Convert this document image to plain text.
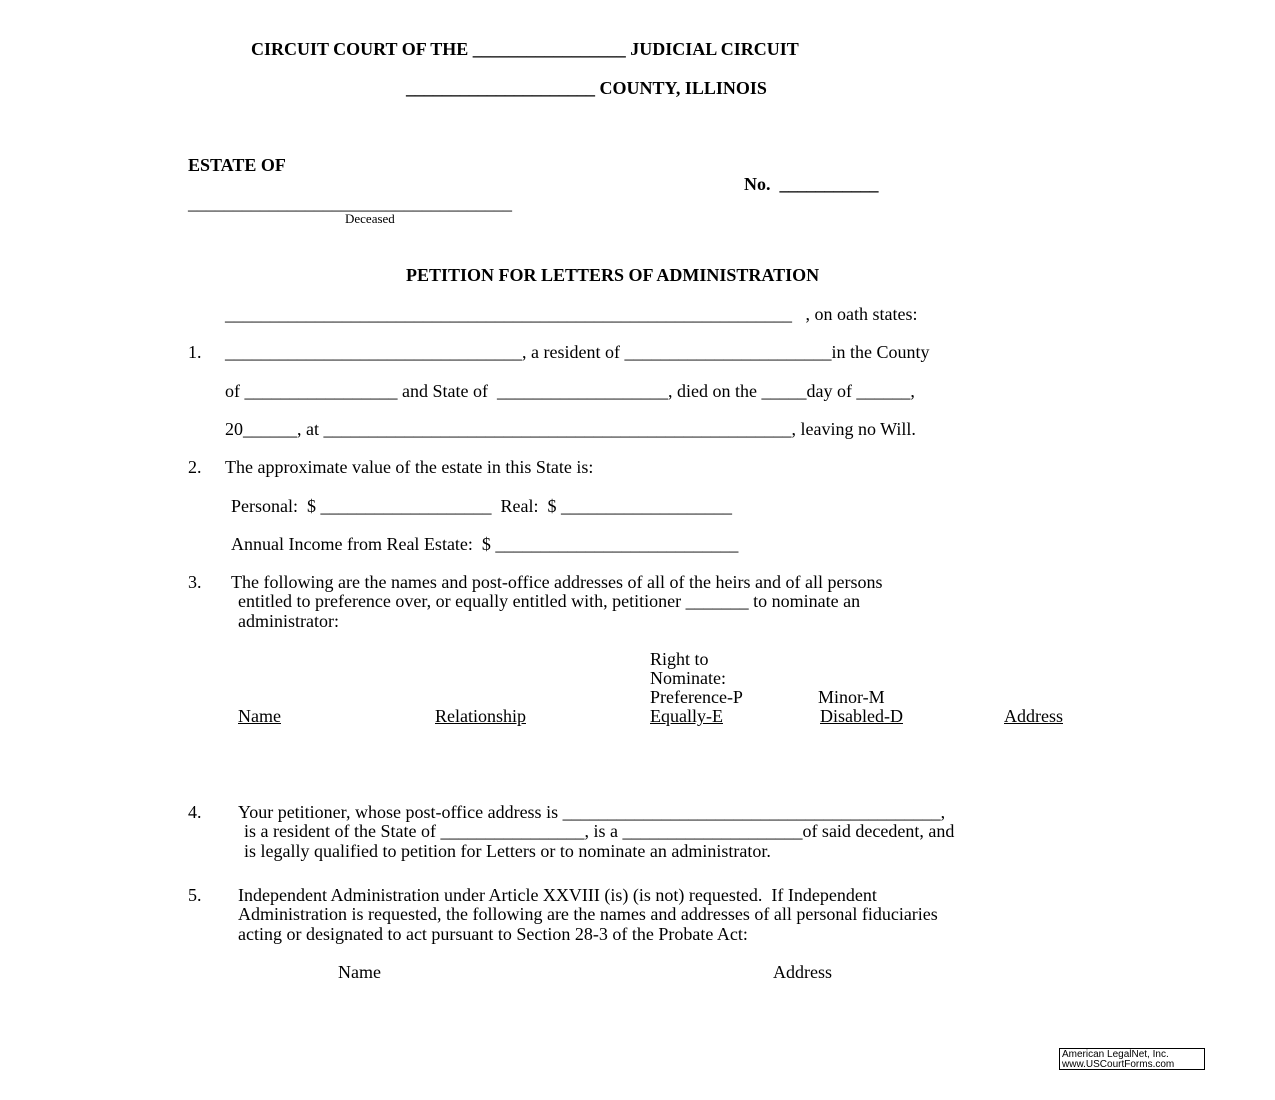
CIRCUIT COURT OF THE _________________ JUDICIAL CIRCUIT
_____________________ COUNTY, ILLINOIS
ESTATE OF
No.  ___________
____________________________________
Deceased
PETITION FOR LETTERS OF ADMINISTRATION
_______________________________________________________________   , on oath states:
1. _________________________________, a resident of _______________________in the County
of _________________ and State of  ___________________, died on the _____day of ______,
20______, at ____________________________________________________, leaving no Will.
2. The approximate value of the estate in this State is:
Personal:  $ ___________________  Real:  $ ___________________
Annual Income from Real Estate:  $ ___________________________
3. The following are the names and post-office addresses of all of the heirs and of all persons
entitled to preference over, or equally entitled with, petitioner _______ to nominate an
administrator:
Right to
Nominate:
Preference-P	Minor-M
Name	Relationship	Equally-E	Disabled-D	Address
4. Your petitioner, whose post-office address is __________________________________________,
is a resident of the State of ________________, is a ____________________of said decedent, and
is legally qualified to petition for Letters or to nominate an administrator.
5. Independent Administration under Article XXVIII (is) (is not) requested.  If Independent
Administration is requested, the following are the names and addresses of all personal fiduciaries
acting or designated to act pursuant to Section 28-3 of the Probate Act:
Name	Address
American LegalNet, Inc.
www.USCourtForms.com
